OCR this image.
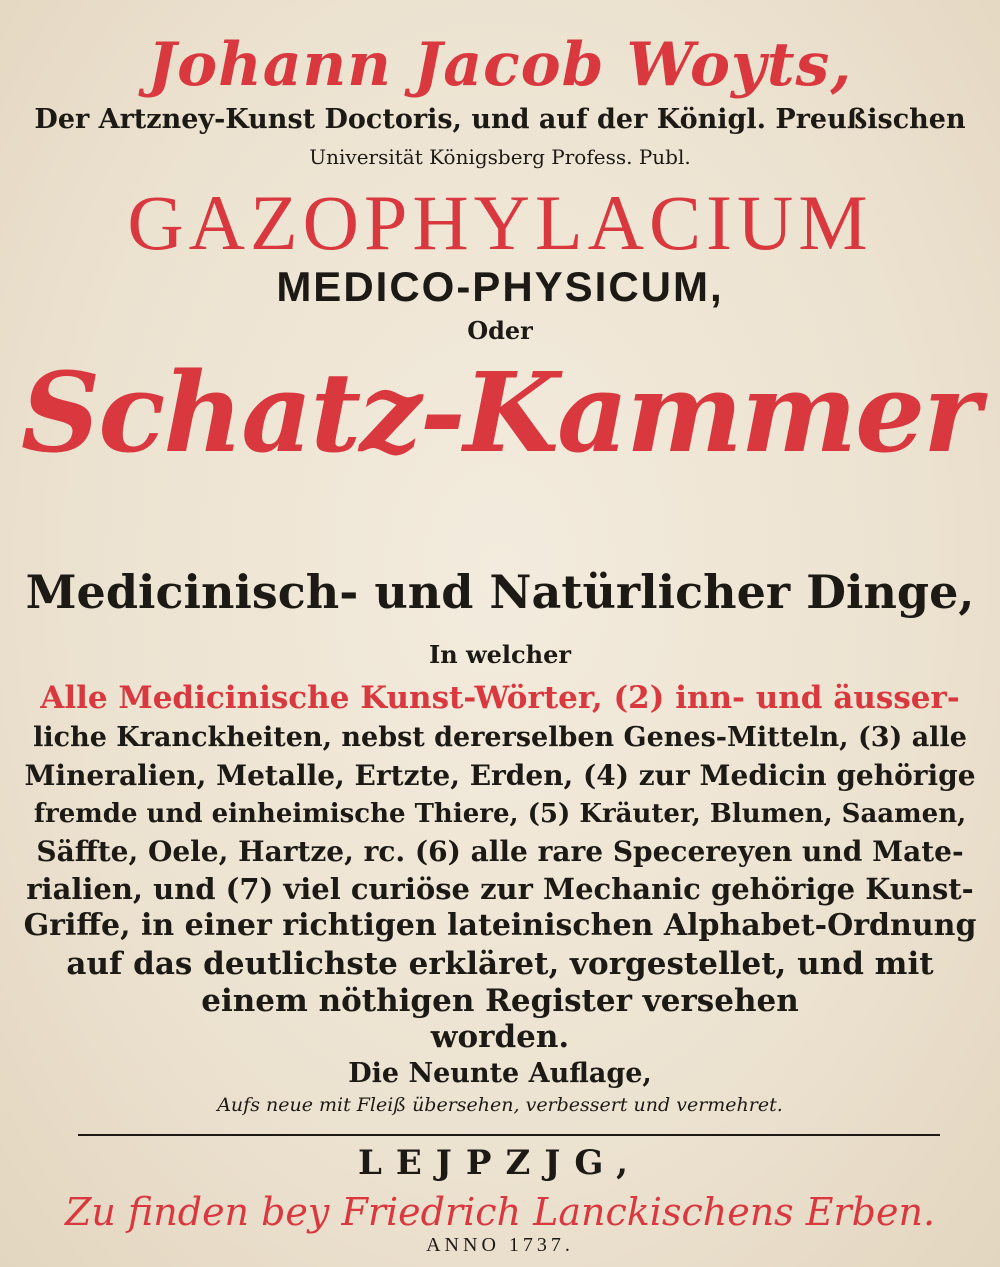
Johann Jacob Woyts,
Der Artzney-Kunst Doctoris, und auf der Königl. Preußischen
Universität Königsberg Profess. Publ.
GAZOPHYLACIUM
MEDICO-PHYSICUM,
Oder
Schatz-Kammer
Medicinisch- und Natürlicher Dinge,
In welcher
Alle Medicinische Kunst-Wörter, (2) inn- und äusser-
liche Kranckheiten, nebst dererselben Genes-Mitteln, (3) alle
Mineralien, Metalle, Ertzte, Erden, (4) zur Medicin gehörige
fremde und einheimische Thiere, (5) Kräuter, Blumen, Saamen,
Säffte, Oele, Hartze, rc. (6) alle rare Specereyen und Mate-
rialien, und (7) viel curiöse zur Mechanic gehörige Kunst-
Griffe, in einer richtigen lateinischen Alphabet-Ordnung
auf das deutlichste erkläret, vorgestellet, und mit
einem nöthigen Register versehen
worden.
Die Neunte Auflage,
Aufs neue mit Fleiß übersehen, verbessert und vermehret.
LEJPZJG,
Zu finden bey Friedrich Lanckischens Erben.
ANNO 1737.
